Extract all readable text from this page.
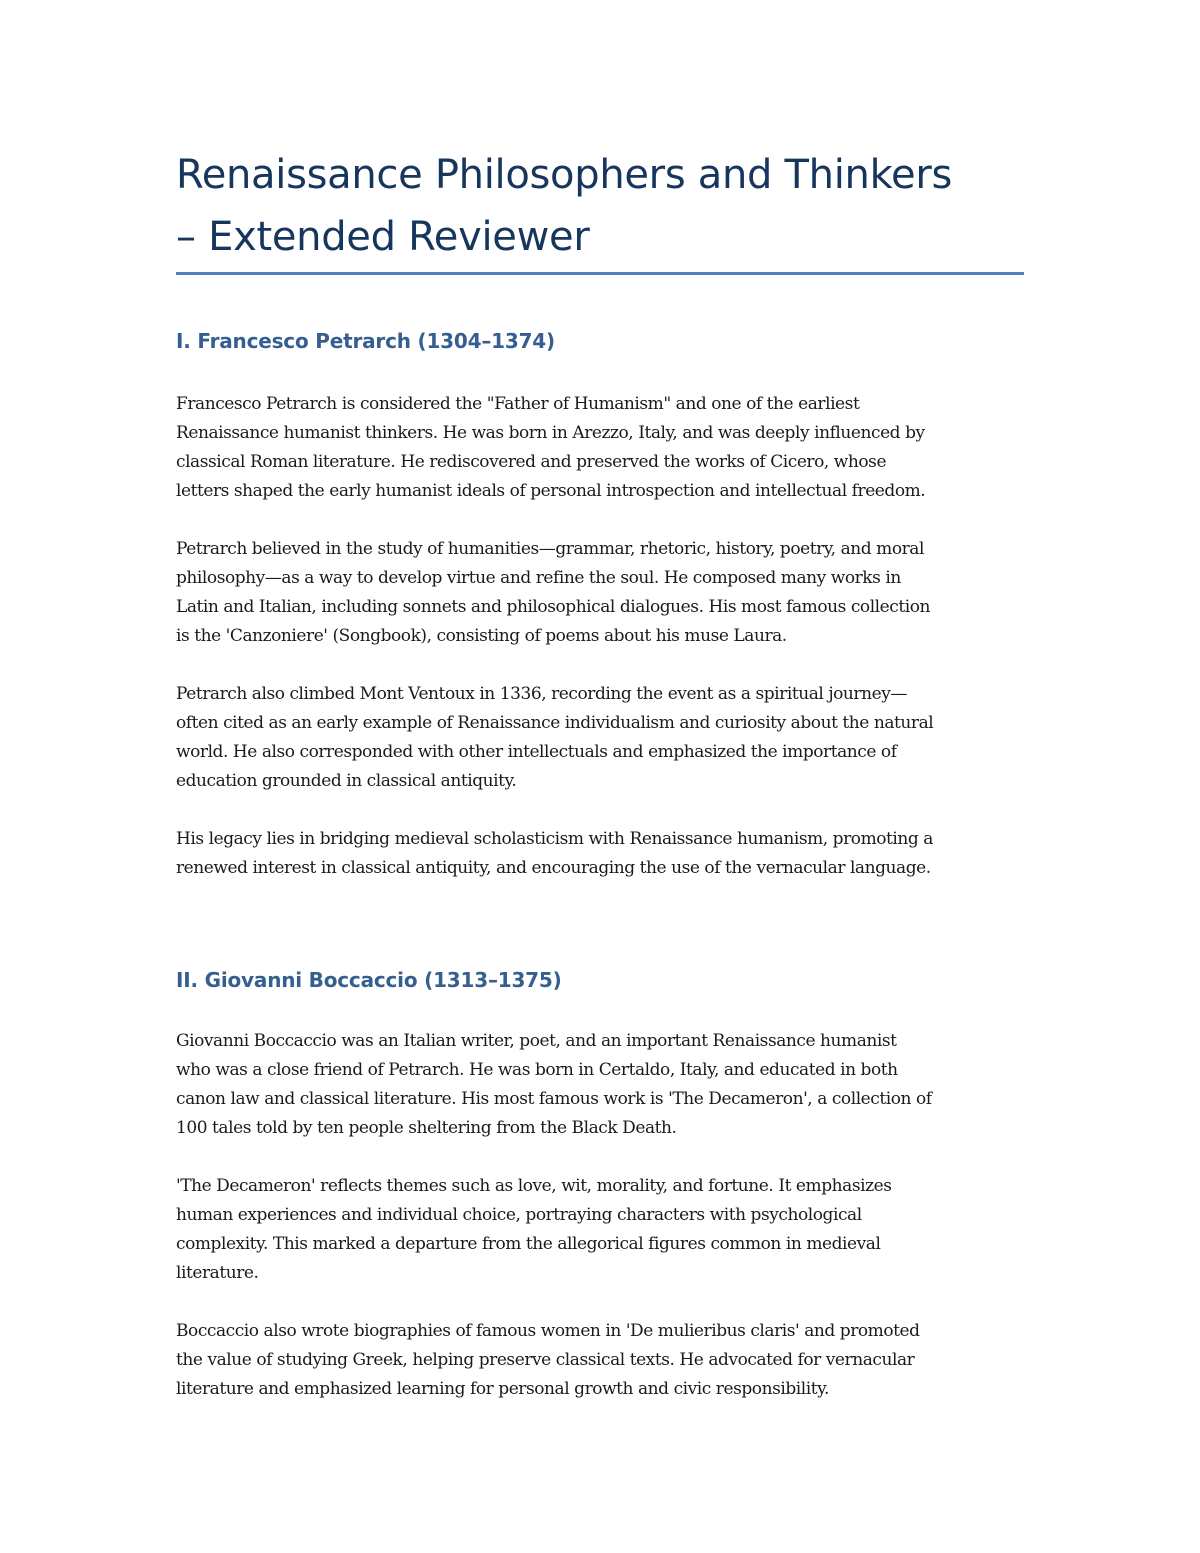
Renaissance Philosophers and Thinkers
– Extended Reviewer
I. Francesco Petrarch (1304–1374)

Francesco Petrarch is considered the "Father of Humanism" and one of the earliest
Renaissance humanist thinkers. He was born in Arezzo, Italy, and was deeply influenced by
classical Roman literature. He rediscovered and preserved the works of Cicero, whose
letters shaped the early humanist ideals of personal introspection and intellectual freedom.

Petrarch believed in the study of humanities—grammar, rhetoric, history, poetry, and moral
philosophy—as a way to develop virtue and refine the soul. He composed many works in
Latin and Italian, including sonnets and philosophical dialogues. His most famous collection
is the 'Canzoniere' (Songbook), consisting of poems about his muse Laura.

Petrarch also climbed Mont Ventoux in 1336, recording the event as a spiritual journey—
often cited as an early example of Renaissance individualism and curiosity about the natural
world. He also corresponded with other intellectuals and emphasized the importance of
education grounded in classical antiquity.

His legacy lies in bridging medieval scholasticism with Renaissance humanism, promoting a
renewed interest in classical antiquity, and encouraging the use of the vernacular language.

II. Giovanni Boccaccio (1313–1375)

Giovanni Boccaccio was an Italian writer, poet, and an important Renaissance humanist
who was a close friend of Petrarch. He was born in Certaldo, Italy, and educated in both
canon law and classical literature. His most famous work is 'The Decameron', a collection of
100 tales told by ten people sheltering from the Black Death.

'The Decameron' reflects themes such as love, wit, morality, and fortune. It emphasizes
human experiences and individual choice, portraying characters with psychological
complexity. This marked a departure from the allegorical figures common in medieval
literature.

Boccaccio also wrote biographies of famous women in 'De mulieribus claris' and promoted
the value of studying Greek, helping preserve classical texts. He advocated for vernacular
literature and emphasized learning for personal growth and civic responsibility.
